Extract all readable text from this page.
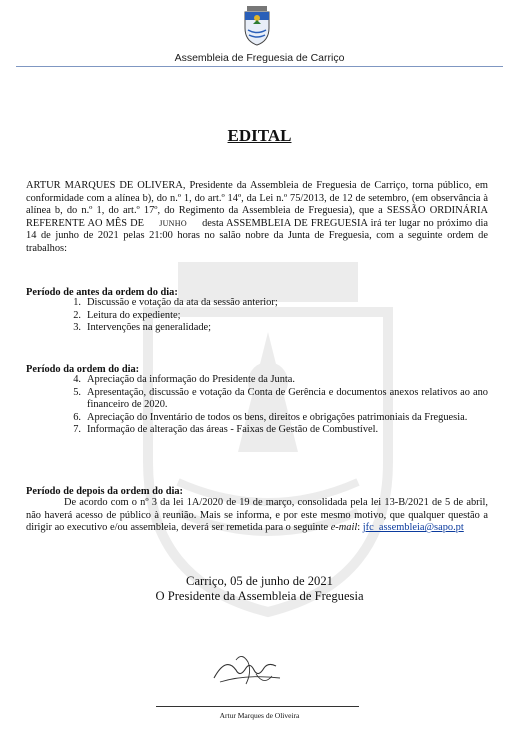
Assembleia de Freguesia de Carriço
EDITAL
ARTUR MARQUES DE OLIVERA, Presidente da Assembleia de Freguesia de Carriço, torna público, em conformidade com a alínea b), do n.º 1, do art.º 14º, da Lei n.º 75/2013, de 12 de setembro, (em observância à alínea b, do n.º 1, do art.º 17º, do Regimento da Assembleia de Freguesia), que a SESSÃO ORDINÁRIA REFERENTE AO MÊS DE JUNHO desta ASSEMBLEIA DE FREGUESIA irá ter lugar no próximo dia 14 de junho de 2021 pelas 21:00 horas no salão nobre da Junta de Freguesia, com a seguinte ordem de trabalhos:
Período de antes da ordem do dia:
1. Discussão e votação da ata da sessão anterior;
2. Leitura do expediente;
3. Intervenções na generalidade;
Período da ordem do dia:
4. Apreciação da informação do Presidente da Junta.
5. Apresentação, discussão e votação da Conta de Gerência e documentos anexos relativos ao ano financeiro de 2020.
6. Apreciação do Inventário de todos os bens, direitos e obrigações patrimoniais da Freguesia.
7. Informação de alteração das áreas - Faixas de Gestão de Combustível.
Período de depois da ordem do dia:
De acordo com o nº 3 da lei 1A/2020 de 19 de março, consolidada pela lei 13-B/2021 de 5 de abril, não haverá acesso de público à reunião. Mais se informa, e por este mesmo motivo, que qualquer questão a dirigir ao executivo e/ou assembleia, deverá ser remetida para o seguinte e-mail: jfc_assembleia@sapo.pt
Carriço, 05 de junho de 2021
O Presidente da Assembleia de Freguesia
Artur Marques de Oliveira
